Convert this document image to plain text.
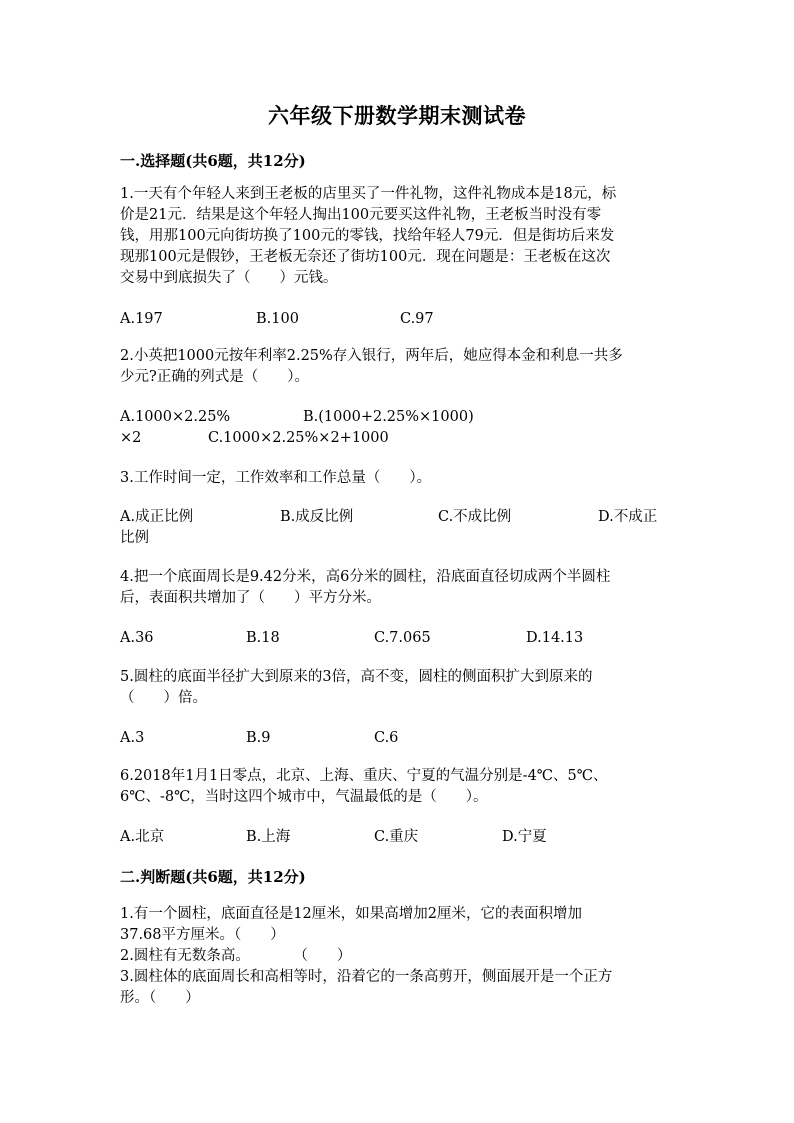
六年级下册数学期末测试卷
一.选择题(共6题，共12分)
1.一天有个年轻人来到王老板的店里买了一件礼物，这件礼物成本是18元，标
价是21元．结果是这个年轻人掏出100元要买这件礼物，王老板当时没有零
钱，用那100元向街坊换了100元的零钱，找给年轻人79元．但是街坊后来发
现那100元是假钞，王老板无奈还了街坊100元．现在问题是：王老板在这次
交易中到底损失了（　　）元钱。
A.197	B.100	C.97
2.小英把1000元按年利率2.25%存入银行，两年后，她应得本金和利息一共多
少元?正确的列式是（　　）。
A.1000×2.25%	B.(1000+2.25%×1000)
×2	C.1000×2.25%×2+1000
3.工作时间一定，工作效率和工作总量（　　）。
A.成正比例	B.成反比例	C.不成比例	D.不成正
比例
4.把一个底面周长是9.42分米，高6分米的圆柱，沿底面直径切成两个半圆柱
后，表面积共增加了（　　）平方分米。
A.36	B.18	C.7.065	D.14.13
5.圆柱的底面半径扩大到原来的3倍，高不变，圆柱的侧面积扩大到原来的
（　　）倍。
A.3	B.9	C.6
6.2018年1月1日零点，北京、上海、重庆、宁夏的气温分别是-4℃、5℃、
6℃、-8℃，当时这四个城市中，气温最低的是（　　）。
A.北京	B.上海	C.重庆	D.宁夏
二.判断题(共6题，共12分)
1.有一个圆柱，底面直径是12厘米，如果高增加2厘米，它的表面积增加
37.68平方厘米。（　　）
2.圆柱有无数条高。　　　　（　　）
3.圆柱体的底面周长和高相等时，沿着它的一条高剪开，侧面展开是一个正方
形。（　　）
